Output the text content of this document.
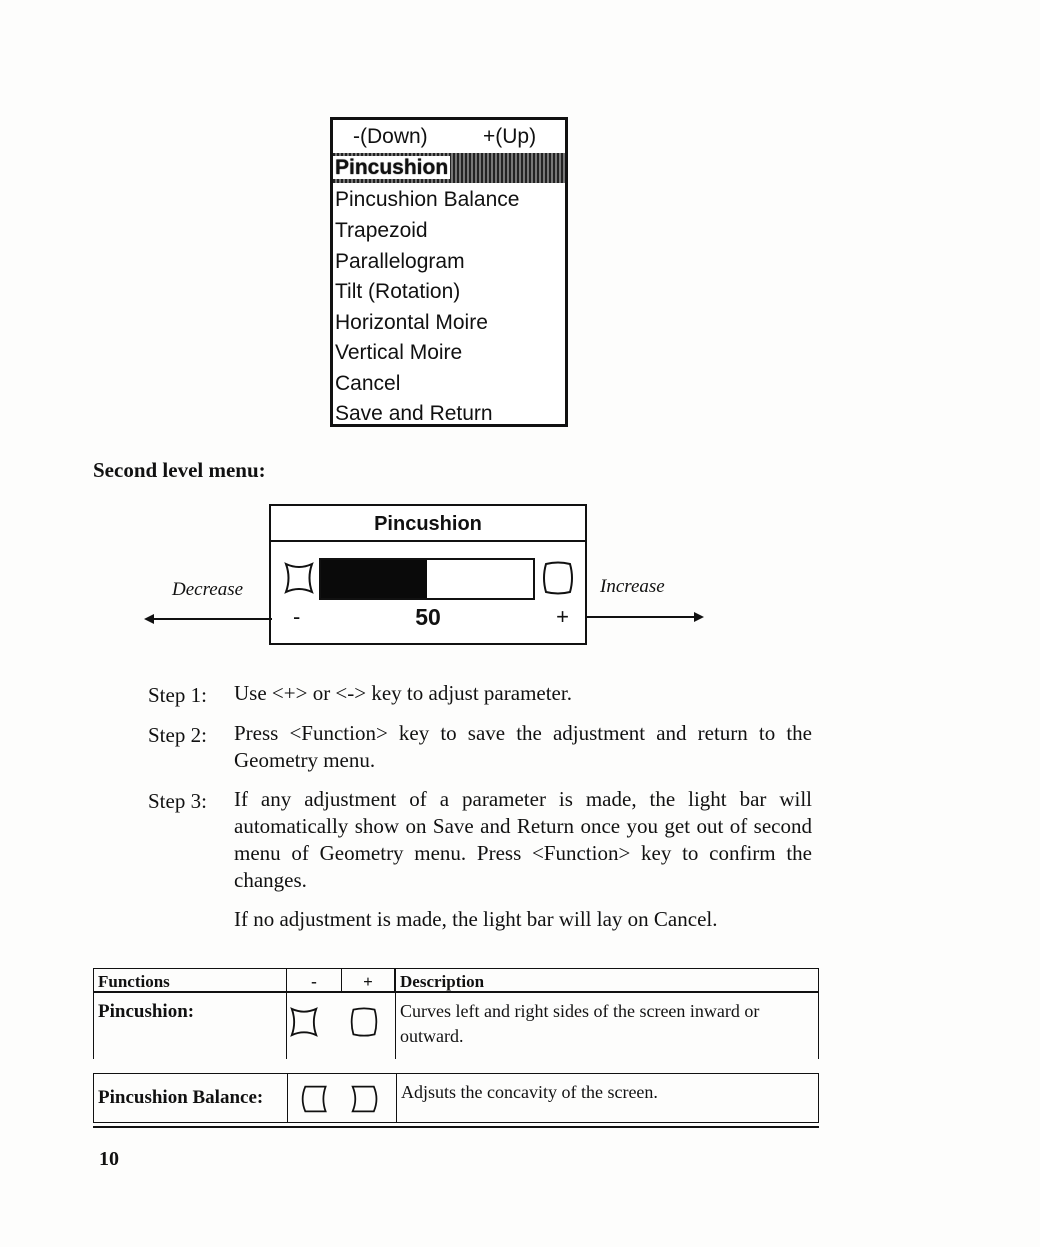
-(Down)	+(Up)
Pincushion
Pincushion Balance
Trapezoid
Parallelogram
Tilt (Rotation)
Horizontal Moire
Vertical Moire
Cancel
Save and Return
Second level menu:
Pincushion
-	50	+
Decrease	Increase
Step 1: Use <+> or <-> key to adjust parameter.
Step 2: Press <Function> key to save the adjustment and return to the Geometry menu.
Step 3: If any adjustment of a parameter is made, the light bar will automatically show on Save and Return once you get out of second menu of Geometry menu. Press <Function> key to confirm the changes.
If no adjustment is made, the light bar will lay on Cancel.
Functions	-	+	Description
Pincushion:	Curves left and right sides of the screen inward or outward.
Pincushion Balance:	Adjsuts the concavity of the screen.
10
